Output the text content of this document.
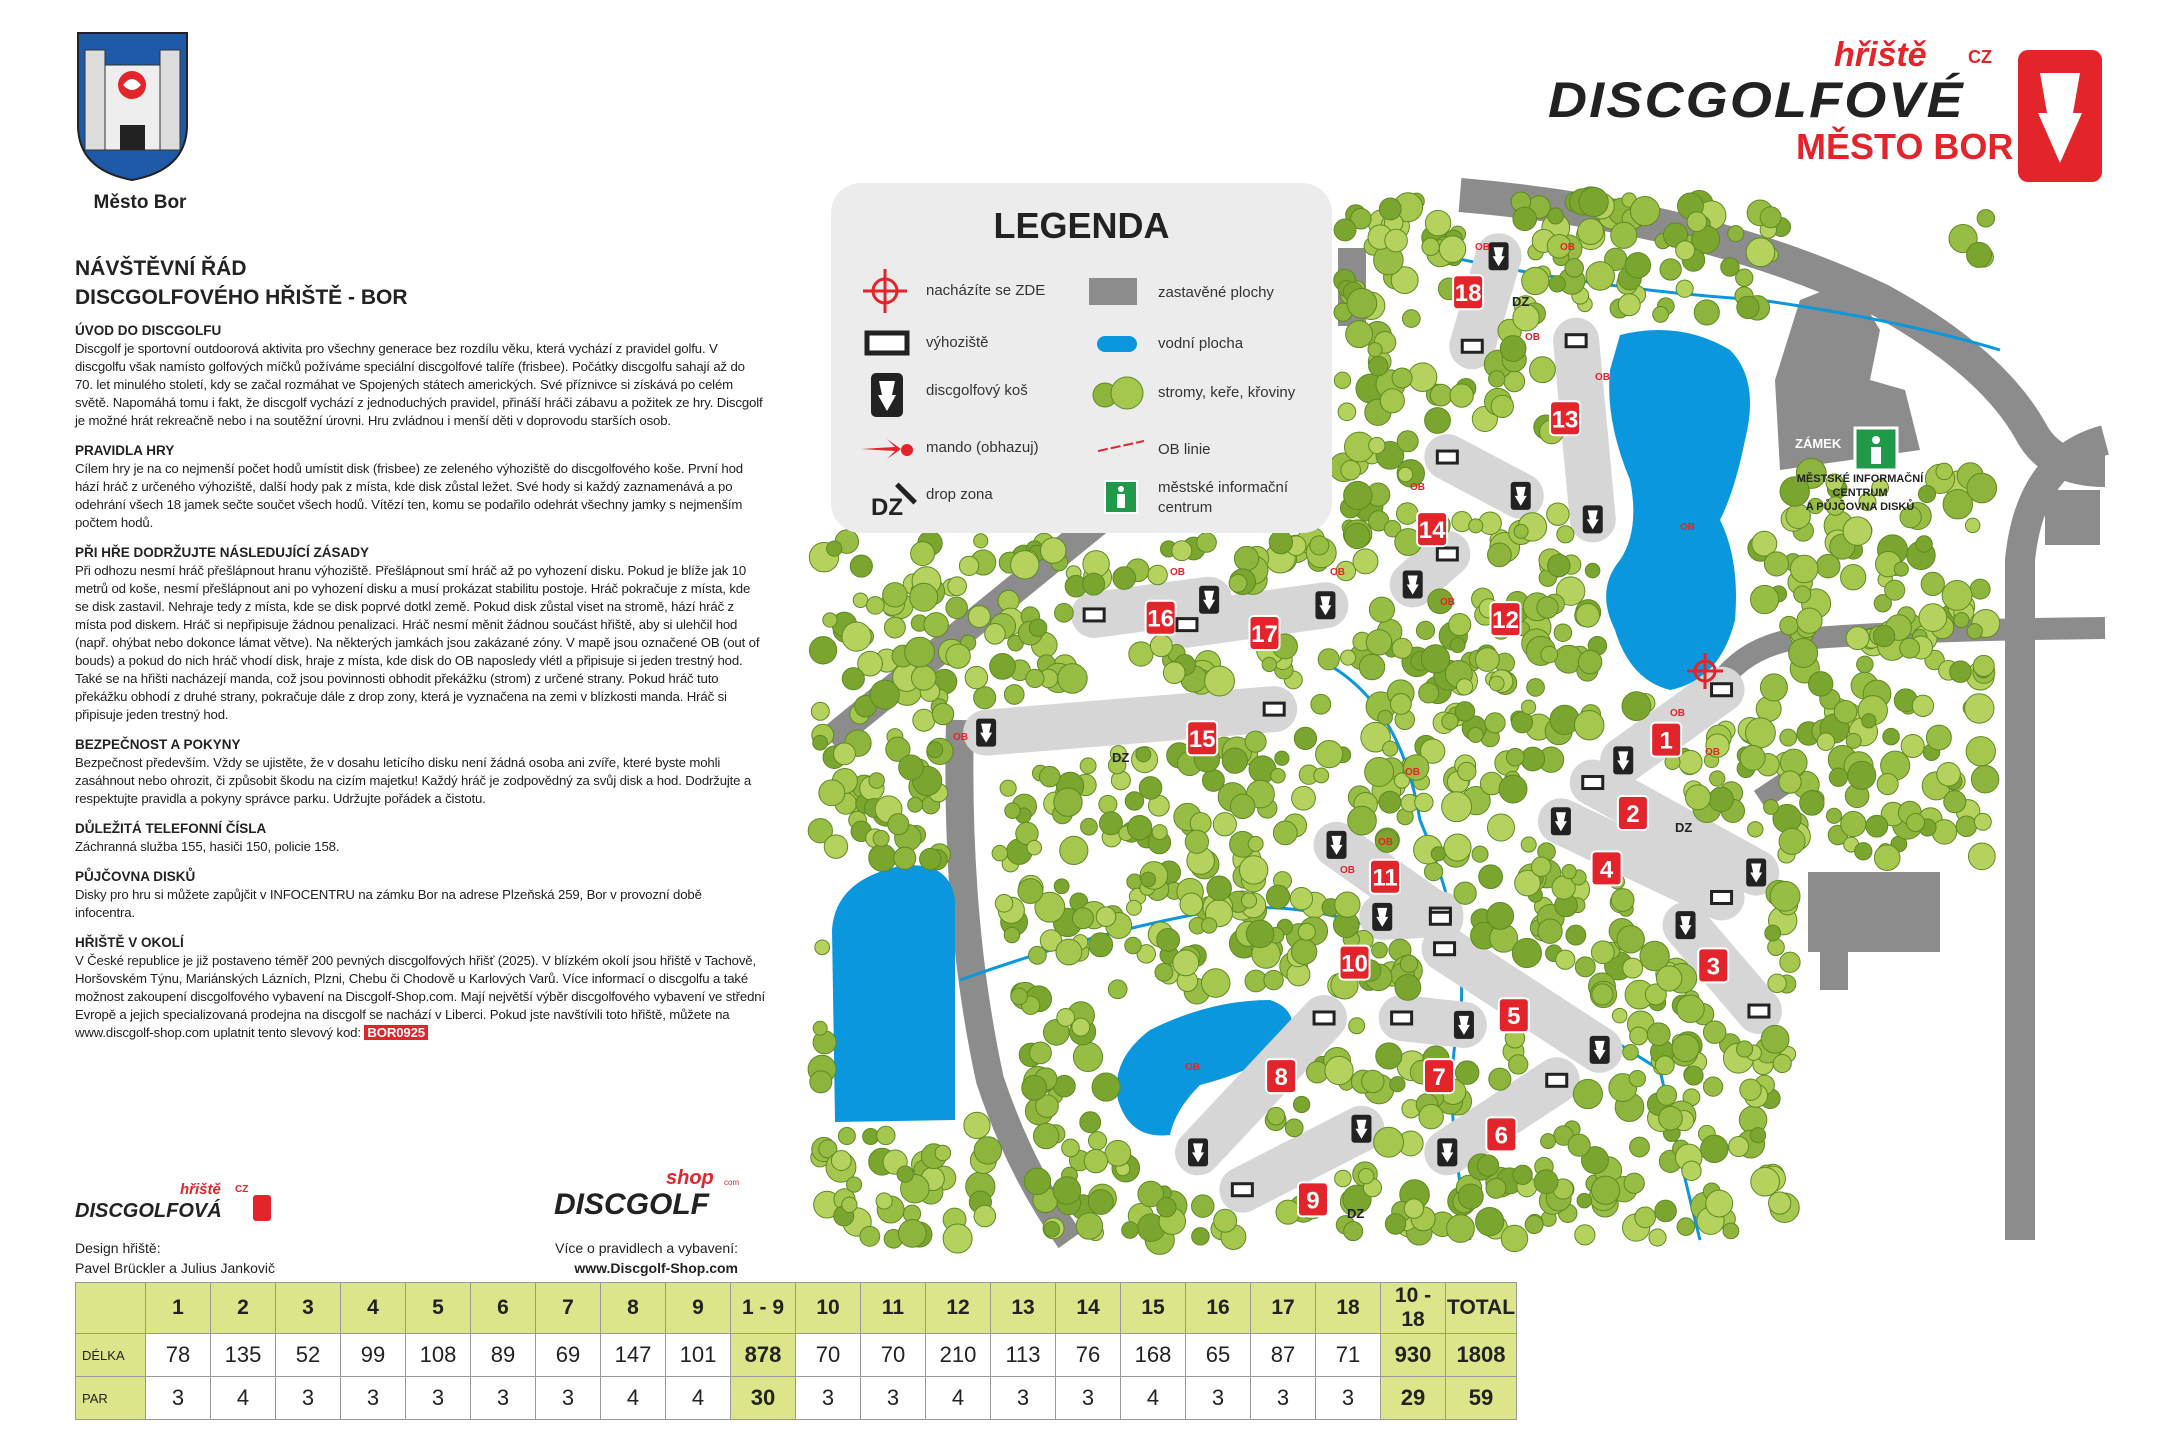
1
2
3
4
5
6
7
8
9
10
11
12
13
14
15
16
17
18
OB	OB
OB
OB
OB
OB
OB
OB
OB
OB
OB
OB
OB
OB
OB
OB
DZ
DZ
DZ
DZ
ZÁMEK
MĚSTSKÉ INFORMAČNÍ
CENTRUM
A PŮJČOVNA DISKŮ
Město Bor
hřiště CZ
DISCGOLFOVÉ
MĚSTO BOR
NÁVŠTĚVNÍ ŘÁD
DISCGOLFOVÉHO HŘIŠTĚ - BOR
ÚVOD DO DISCGOLFU

Discgolf je sportovní outdoorová aktivita pro všechny generace bez rozdílu věku, která vychází z pravidel golfu. V discgolfu však namísto golfových míčků požíváme speciální discgolfové talíře (frisbee). Počátky discgolfu sahají až do 70. let minulého století, kdy se začal rozmáhat ve Spojených státech amerických. Své příznivce si získává po celém světě. Napomáhá tomu i fakt, že discgolf vychází z jednoduchých pravidel, přináší hráči zábavu a požitek ze hry. Discgolf je možné hrát rekreačně nebo i na soutěžní úrovni. Hru zvládnou i menší děti v doprovodu starších osob.

PRAVIDLA HRY

Cílem hry je na co nejmenší počet hodů umístit disk (frisbee) ze zeleného výhoziště do discgolfového koše. První hod hází hráč z určeného výhoziště, další hody pak z místa, kde disk zůstal ležet. Své hody si každý zaznamenává a po odehrání všech 18 jamek sečte součet všech hodů. Vítězí ten, komu se podařilo odehrát všechny jamky s nejmenším počtem hodů.

PŘI HŘE DODRŽUJTE NÁSLEDUJÍCÍ ZÁSADY

Při odhozu nesmí hráč přešlápnout hranu výhoziště. Přešlápnout smí hráč až po vyhození disku. Pokud je blíže jak 10 metrů od koše, nesmí přešlápnout ani po vyhození disku a musí prokázat stabilitu postoje. Hráč pokračuje z místa, kde se disk zastavil. Nehraje tedy z místa, kde se disk poprvé dotkl země. Pokud disk zůstal viset na stromě, hází hráč z místa pod diskem. Hráč si nepřipisuje žádnou penalizaci. Hráč nesmí měnit žádnou součást hřiště, aby si ulehčil hod (např. ohýbat nebo dokonce lámat větve). Na některých jamkách jsou zakázané zóny. V mapě jsou označené OB (out of bouds) a pokud do nich hráč vhodí disk, hraje z místa, kde disk do OB naposledy vlétl a připisuje si jeden trestný hod. Také se na hřišti nacházejí manda, což jsou povinnosti obhodit překážku (strom) z určené strany. Pokud hráč tuto překážku obhodí z druhé strany, pokračuje dále z drop zony, která je vyznačena na zemi v blízkosti manda. Hráč si připisuje jeden trestný hod.

BEZPEČNOST A POKYNY

Bezpečnost především. Vždy se ujistěte, že v dosahu letícího disku není žádná osoba ani zvíře, které byste mohli zasáhnout nebo ohrozit, či způsobit škodu na cizím majetku! Každý hráč je zodpovědný za svůj disk a hod. Dodržujte a respektujte pravidla a pokyny správce parku. Udržujte pořádek a čistotu.

DŮLEŽITÁ TELEFONNÍ ČÍSLA

Záchranná služba 155, hasiči 150, policie 158.

PŮJČOVNA DISKŮ

Disky pro hru si můžete zapůjčit v INFOCENTRU na zámku Bor na adrese Plzeňská 259, Bor v provozní době infocentra.

HŘIŠTĚ V OKOLÍ

V České republice je již postaveno téměř 200 pevných discgolfových hřišť (2025). V blízkém okolí jsou hřiště v Tachově, Horšovském Týnu, Mariánských Lázních, Plzni, Chebu či Chodově u Karlových Varů. Více informací o discgolfu a také možnost zakoupení discgolfového vybavení na Discgolf-Shop.com. Mají největší výběr discgolfového vybavení ve střední Evropě a jejich specializovaná prodejna na discgolf se nachází v Liberci. Pokud jste navštívili toto hřiště, můžete na www.discgolf-shop.com uplatnit tento slevový kod: BOR0925

hřiště CZ
DISCGOLFOVÁ
shop com
DISCGOLF
Design hřiště:
Pavel Brückler a Julius Jankovič
Více o pravidlech a vybavení:
www.Discgolf-Shop.com
LEGENDA
nacházíte se ZDE
výhoziště
discgolfový koš
mando (obhazuj)
DZ drop zona
zastavěné plochy
vodní plocha
stromy, keře, křoviny
OB linie
městské informační centrum
	1	2	3	4	5	6	7	8	9	1 - 9	10	11	12	13	14	15	16	17	18	10 - 18	TOTAL
DÉLKA	78	135	52	99	108	89	69	147	101	878	70	70	210	113	76	168	65	87	71	930	1808
PAR	3	4	3	3	3	3	3	4	4	30	3	3	4	3	3	4	3	3	3	29	59
